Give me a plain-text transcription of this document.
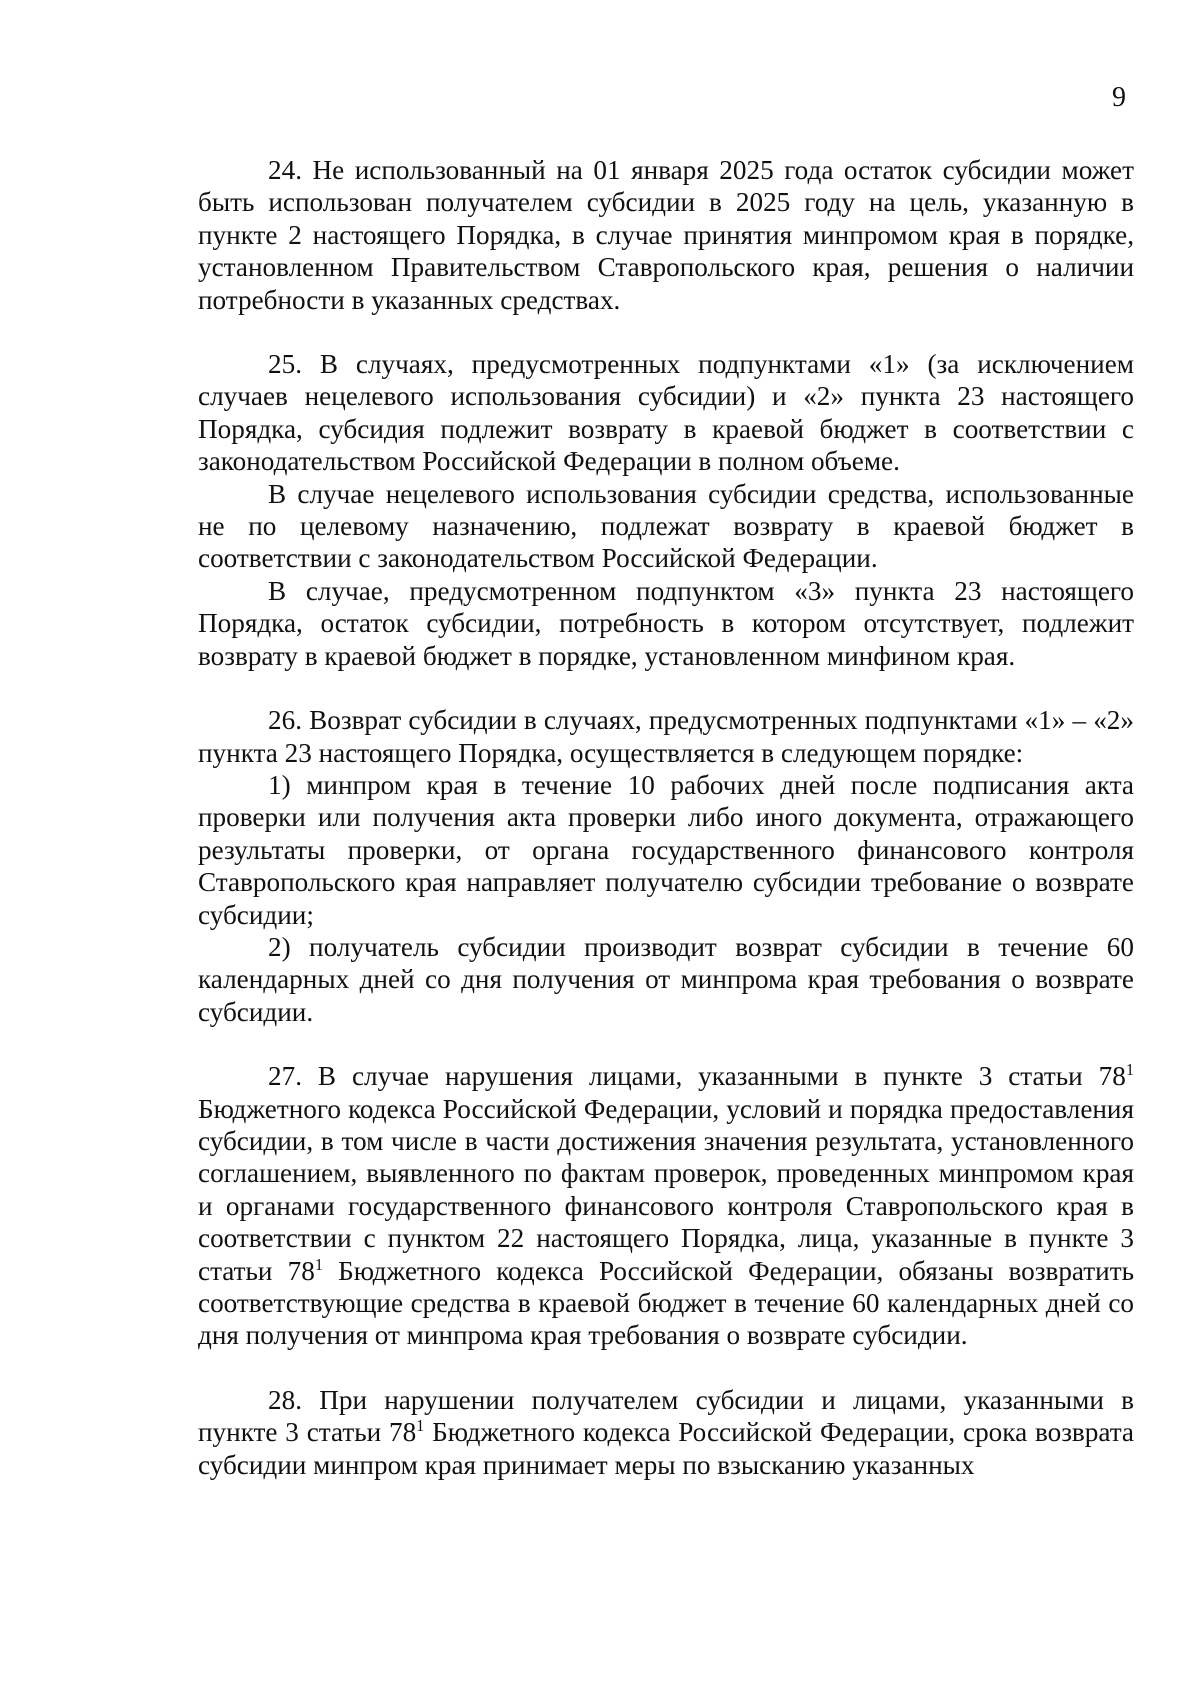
9

24. Не использованный на 01 января 2025 года остаток субсидии может быть использован получателем субсидии в 2025 году на цель, указанную в пункте 2 настоящего Порядка, в случае принятия минпромом края в порядке, установленном Правительством Ставропольского края, решения о наличии потребности в указанных средствах.

25. В случаях, предусмотренных подпунктами «1» (за исключением случаев нецелевого использования субсидии) и «2» пункта 23 настоящего Порядка, субсидия подлежит возврату в краевой бюджет в соответствии с законодательством Российской Федерации в полном объеме.

В случае нецелевого использования субсидии средства, использованные не по целевому назначению, подлежат возврату в краевой бюджет в соответствии с законодательством Российской Федерации.

В случае, предусмотренном подпунктом «3» пункта 23 настоящего Порядка, остаток субсидии, потребность в котором отсутствует, подлежит возврату в краевой бюджет в порядке, установленном минфином края.

26. Возврат субсидии в случаях, предусмотренных подпунктами «1» – «2» пункта 23 настоящего Порядка, осуществляется в следующем порядке:

1) минпром края в течение 10 рабочих дней после подписания акта проверки или получения акта проверки либо иного документа, отражающего результаты проверки, от органа государственного финансового контроля Ставропольского края направляет получателю субсидии требование о возврате субсидии;

2) получатель субсидии производит возврат субсидии в течение 60 календарных дней со дня получения от минпрома края требования о возврате субсидии.

27. В случае нарушения лицами, указанными в пункте 3 статьи $78^1$ Бюджетного кодекса Российской Федерации, условий и порядка предоставления субсидии, в том числе в части достижения значения результата, установленного соглашением, выявленного по фактам проверок, проведенных минпромом края и органами государственного финансового контроля Ставропольского края в соответствии с пунктом 22 настоящего Порядка, лица, указанные в пункте 3 статьи $78^1$ Бюджетного кодекса Российской Федерации, обязаны возвратить соответствующие средства в краевой бюджет в течение 60 календарных дней со дня получения от минпрома края требования о возврате субсидии.

28. При нарушении получателем субсидии и лицами, указанными в пункте 3 статьи $78^1$ Бюджетного кодекса Российской Федерации, срока возврата субсидии минпром края принимает меры по взысканию указанных
